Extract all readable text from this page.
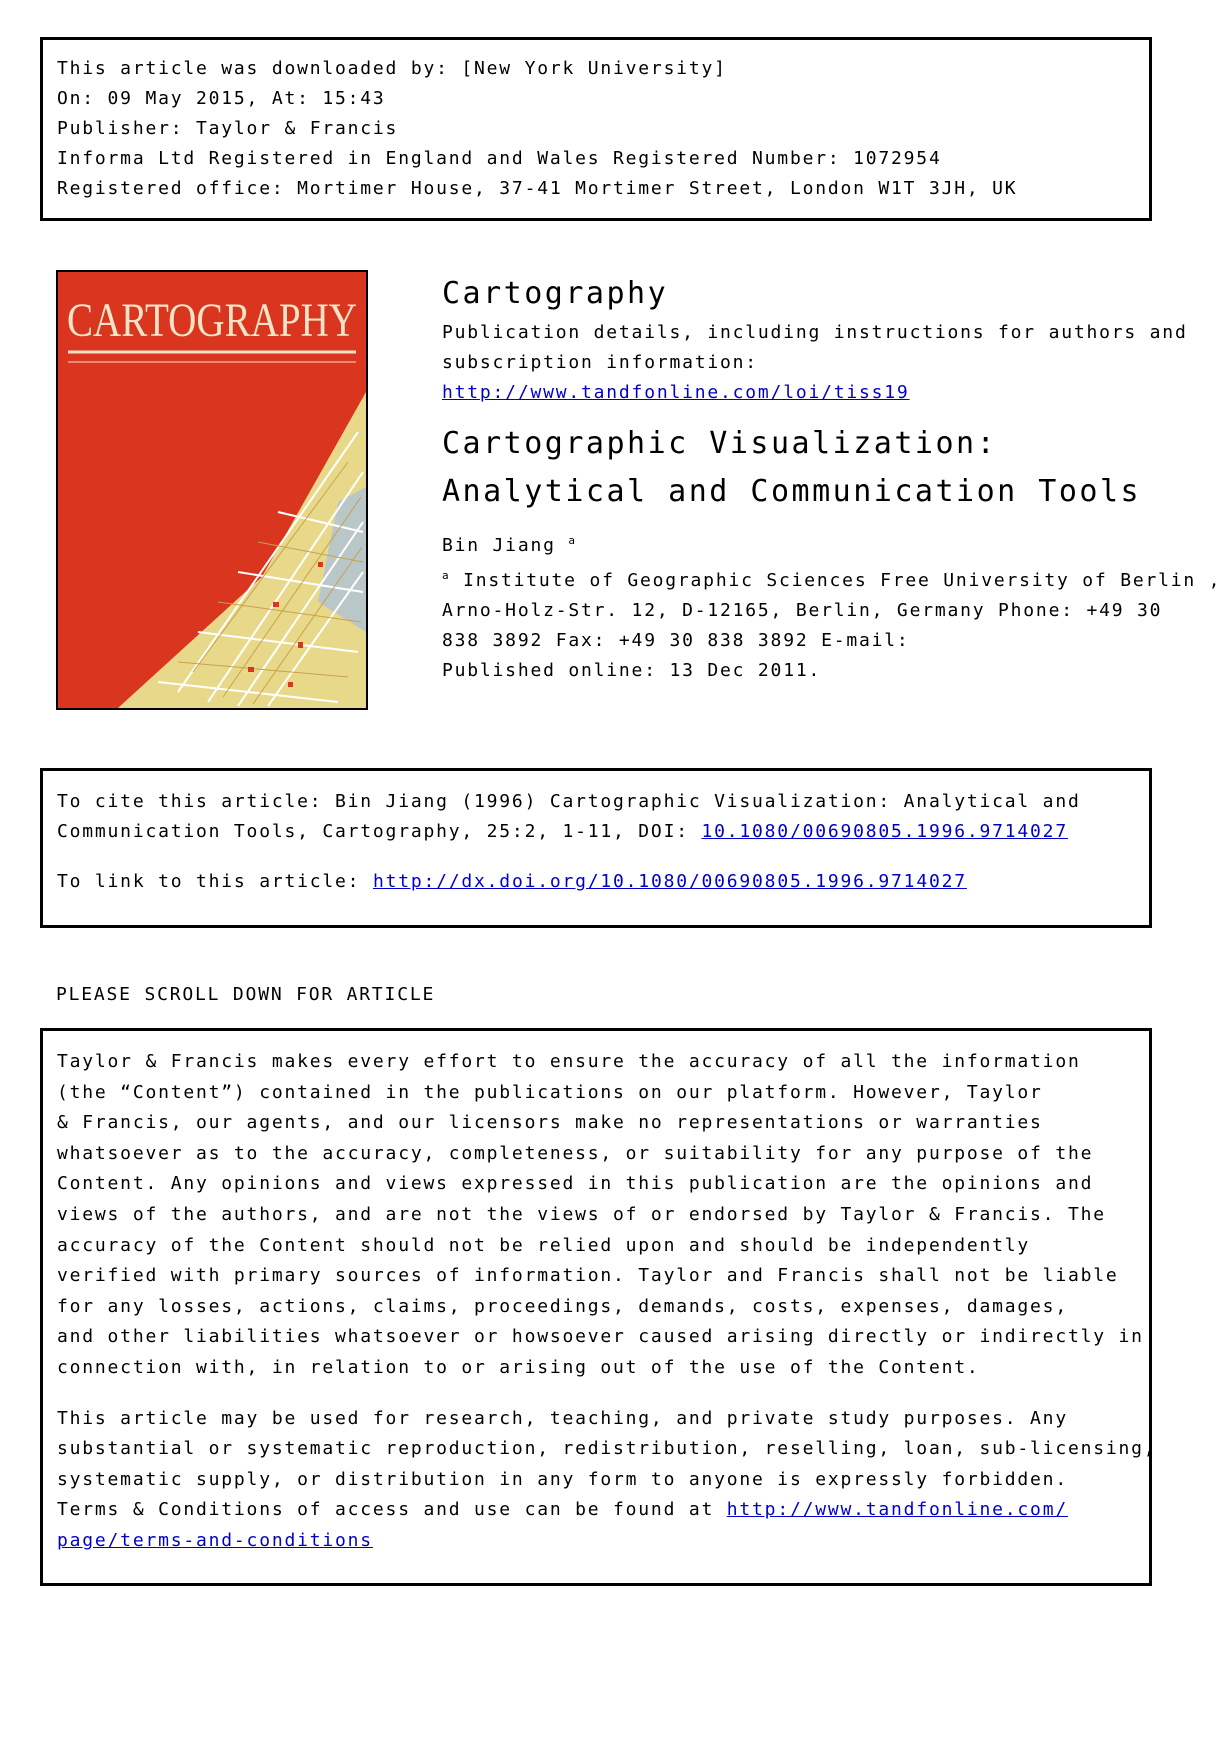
This article was downloaded by: [New York University]
On: 09 May 2015, At: 15:43
Publisher: Taylor & Francis
Informa Ltd Registered in England and Wales Registered Number: 1072954
Registered office: Mortimer House, 37-41 Mortimer Street, London W1T 3JH, UK
CARTOGRAPHY
Cartography
Publication details, including instructions for authors and
subscription information:
http://www.tandfonline.com/loi/tiss19
Cartographic Visualization:
Analytical and Communication Tools
Bin Jiang $^a$
$^a$ Institute of Geographic Sciences Free University of Berlin ,
Arno-Holz-Str. 12, D-12165, Berlin, Germany Phone: +49 30
838 3892 Fax: +49 30 838 3892 E-mail:
Published online: 13 Dec 2011.
To cite this article: Bin Jiang (1996) Cartographic Visualization: Analytical and
Communication Tools, Cartography, 25:2, 1-11, DOI: 10.1080/00690805.1996.9714027
To link to this article: http://dx.doi.org/10.1080/00690805.1996.9714027
PLEASE SCROLL DOWN FOR ARTICLE
Taylor & Francis makes every effort to ensure the accuracy of all the information
(the “Content”) contained in the publications on our platform. However, Taylor
& Francis, our agents, and our licensors make no representations or warranties
whatsoever as to the accuracy, completeness, or suitability for any purpose of the
Content. Any opinions and views expressed in this publication are the opinions and
views of the authors, and are not the views of or endorsed by Taylor & Francis. The
accuracy of the Content should not be relied upon and should be independently
verified with primary sources of information. Taylor and Francis shall not be liable
for any losses, actions, claims, proceedings, demands, costs, expenses, damages,
and other liabilities whatsoever or howsoever caused arising directly or indirectly in
connection with, in relation to or arising out of the use of the Content.
This article may be used for research, teaching, and private study purposes. Any
substantial or systematic reproduction, redistribution, reselling, loan, sub-licensing,
systematic supply, or distribution in any form to anyone is expressly forbidden.
Terms & Conditions of access and use can be found at http://www.tandfonline.com/
page/terms-and-conditions
